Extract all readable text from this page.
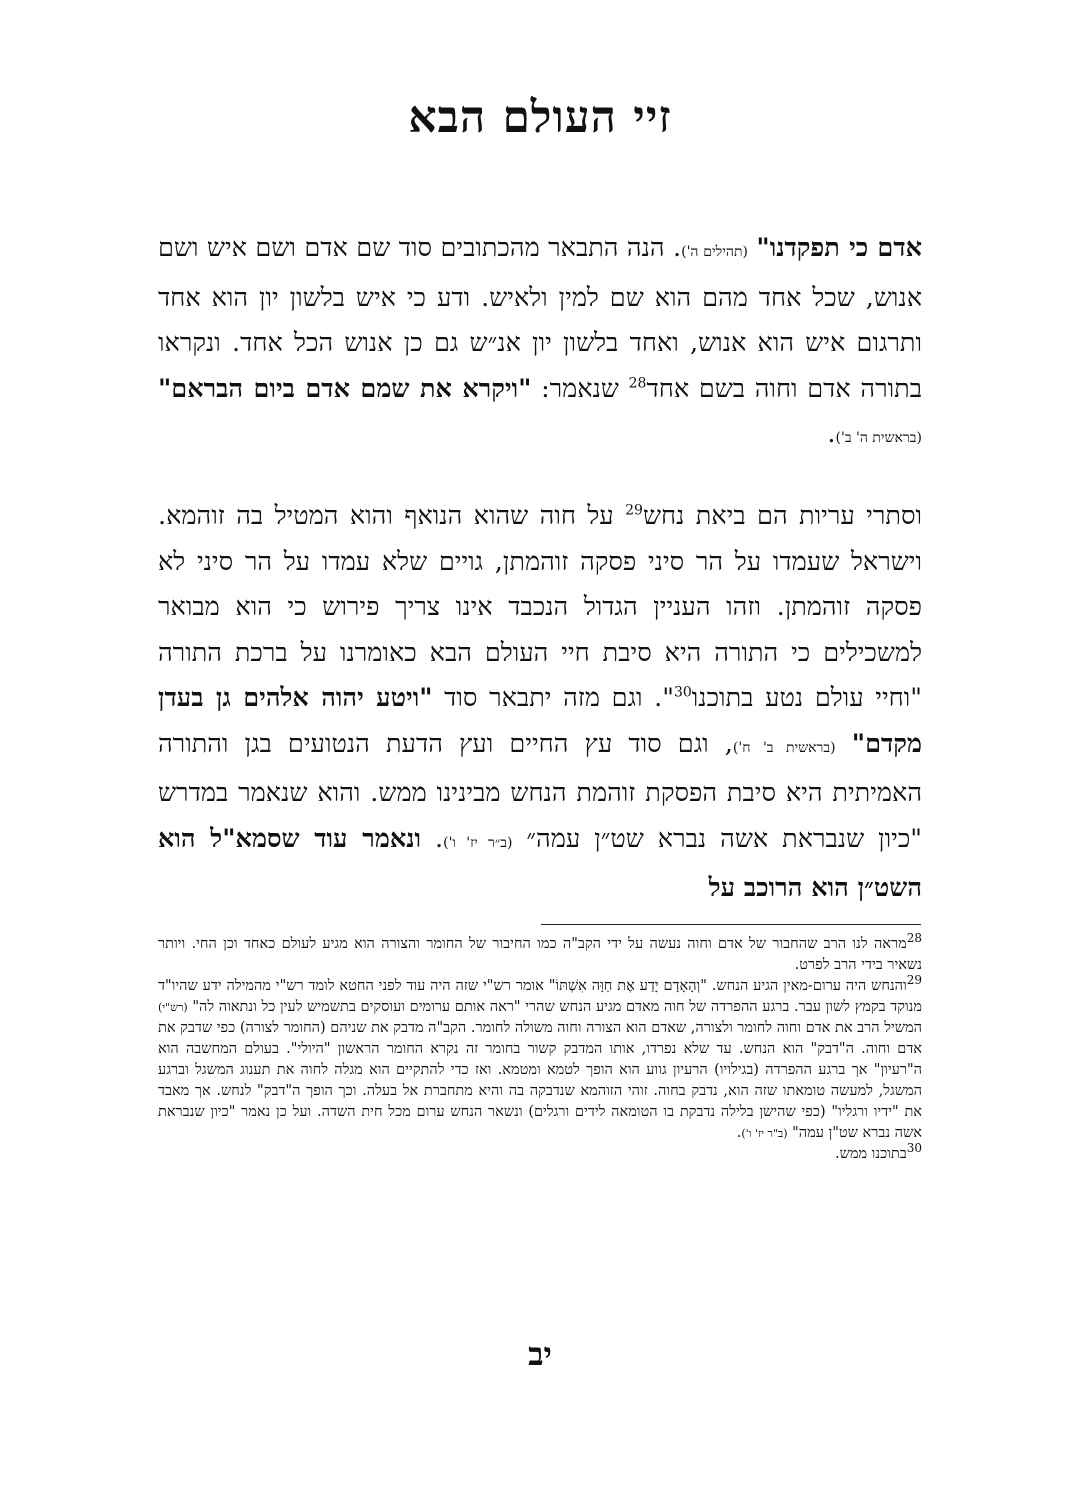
זיי העולם הבא

אדם כי תפקדנו" (תהילים ה'). הנה התבאר מהכתובים סוד שם אדם ושם איש ושם אנוש, שכל אחד מהם הוא שם למין ולאיש. ודע כי איש בלשון יון הוא אחד ותרגום איש הוא אנוש, ואחד בלשון יון אנ״ש גם כן אנוש הכל אחד. ונקראו בתורה אדם וחוה בשם אחד$^{28}$ שנאמר: "ויקרא את שמם אדם ביום הבראם" (בראשית ה' ב').

וסתרי עריות הם ביאת נחש$^{29}$ על חוה שהוא הנואף והוא המטיל בה זוהמא. וישראל שעמדו על הר סיני פסקה זוהמתן, גויים שלא עמדו על הר סיני לא פסקה זוהמתן. וזהו העניין הגדול הנכבד אינו צריך פירוש כי הוא מבואר למשכילים כי התורה היא סיבת חיי העולם הבא כאומרנו על ברכת התורה "וחיי עולם נטע בתוכנו$^{30}$". וגם מזה יתבאר סוד "ויטע יהוה אלהים גן בעדן מקדם" (בראשית ב' ח'), וגם סוד עץ החיים ועץ הדעת הנטועים בגן והתורה האמיתית היא סיבת הפסקת זוהמת הנחש מבינינו ממש. והוא שנאמר במדרש "כיון שנבראת אשה נברא שט״ן עמה״ (ב״ר יז' ו'). ונאמר עוד שסמא"ל הוא השט״ן הוא הרוכב על

$^{28}$מראה לנו הרב שהחבור של אדם וחוה נעשה על ידי הקב"ה כמו החיבור של החומר והצורה הוא מגיע לעולם כאחד וכן החי. ויותר נשאיר בידי הרב לפרט.

$^{29}$והנחש היה ערום-מאין הגיע הנחש. "וְהָאָדָם יָדַע אֶת חַוָּה אִשְׁתּוֹ" אומר רש"י שזה היה עוד לפני החטא לומד רש"י מהמילה ידע שהיו"ד מנוקד בקמץ לשון עבר. ברגע ההפרדה של חוה מאדם מגיע הנחש שהרי "ראה אותם ערומים ועוסקים בתשמיש לעין כל ונתאוה לה" (רש"י) המשיל הרב את אדם וחוה לחומר ולצורה, שאדם הוא הצורה וחוה משולה לחומר. הקב"ה מדבק את שניהם (החומר לצורה) כפי שדבק את אדם וחוה. ה"דבק" הוא הנחש. עד שלא נפרדו, אותו המדבק קשור בחומר זה נקרא החומר הראשון "היולי". בעולם המחשבה הוא ה"רעיון" אך ברגע ההפרדה (בגילויו) הרעיון גווע הוא הופך לטמא ומטמא. ואז כדי להתקיים הוא מגלה לחוה את תענוג המשגל וברגע המשגל, למעשה טומאתו שזה הוא, נדבק בחוה. זוהי הזוהמא שנדבקה בה והיא מתחברת אל בעלה. וכך הופך ה"דבק" לנחש. אך מאבד את "ידיו ורגליו" (כפי שהישן בלילה נדבקת בו הטומאה לידים ורגלים) ונשאר הנחש ערום מכל חית השדה. ועל כן נאמר "כיון שנבראת אשה נברא שט"ן עמה" (ב"ר יז' ו').

$^{30}$בתוכנו ממש.

יב
